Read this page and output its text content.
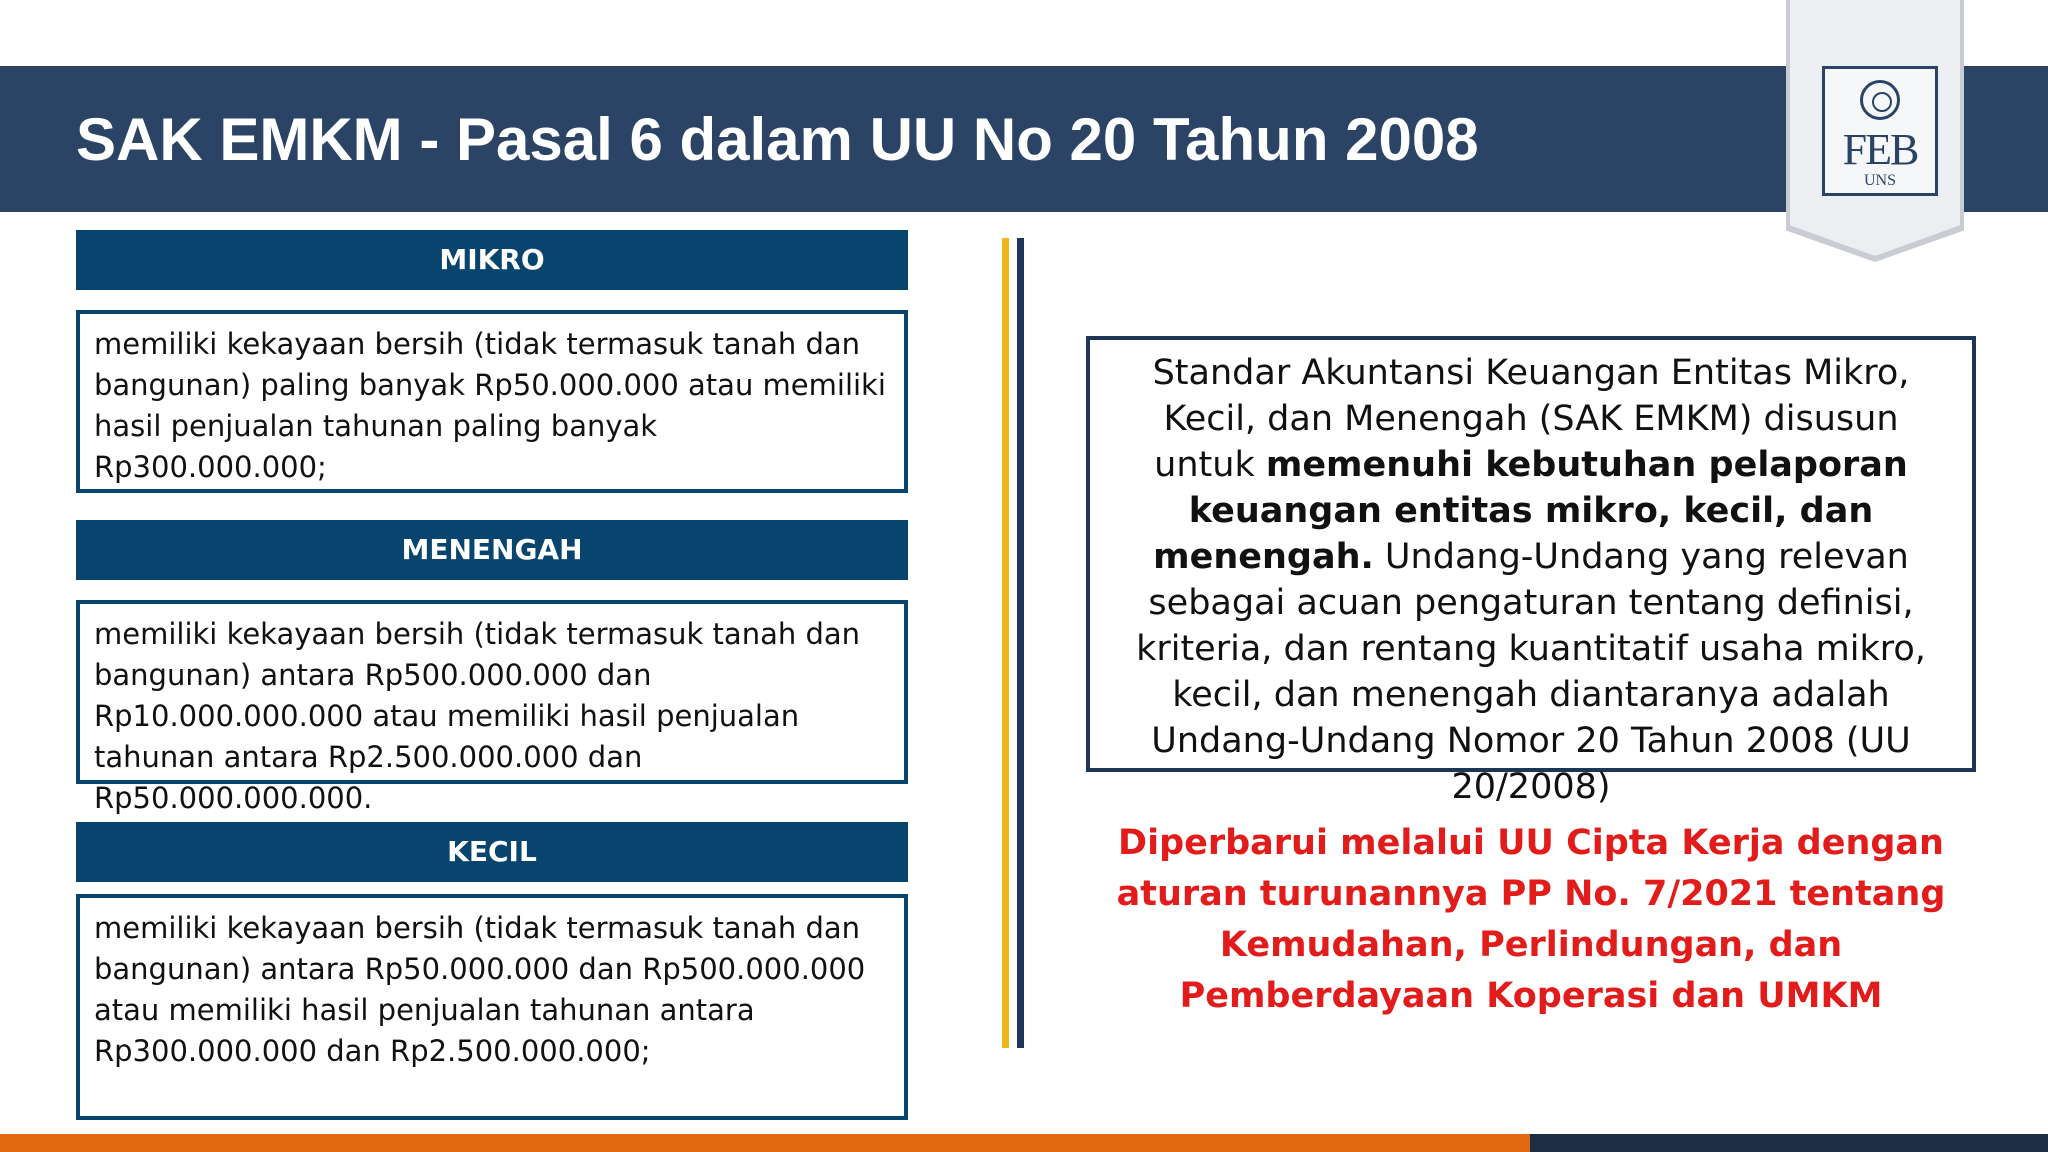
SAK EMKM - Pasal 6 dalam UU No 20 Tahun 2008	FEB
UNS
MIKRO
memiliki kekayaan bersih (tidak termasuk tanah dan bangunan) paling banyak Rp50.000.000 atau memiliki hasil penjualan tahunan paling banyak Rp300.000.000;
MENENGAH
memiliki kekayaan bersih (tidak termasuk tanah dan bangunan) antara Rp500.000.000 dan Rp10.000.000.000 atau memiliki hasil penjualan tahunan antara Rp2.500.000.000 dan Rp50.000.000.000.
KECIL
memiliki kekayaan bersih (tidak termasuk tanah dan bangunan) antara Rp50.000.000 dan Rp500.000.000 atau memiliki hasil penjualan tahunan antara Rp300.000.000 dan Rp2.500.000.000;
Standar Akuntansi Keuangan Entitas Mikro, Kecil, dan Menengah (SAK EMKM) disusun untuk memenuhi kebutuhan pelaporan keuangan entitas mikro, kecil, dan menengah. Undang-Undang yang relevan sebagai acuan pengaturan tentang definisi, kriteria, dan rentang kuantitatif usaha mikro, kecil, dan menengah diantaranya adalah Undang-Undang Nomor 20 Tahun 2008 (UU 20/2008)
Diperbarui melalui UU Cipta Kerja dengan aturan turunannya PP No. 7/2021 tentang Kemudahan, Perlindungan, dan Pemberdayaan Koperasi dan UMKM
